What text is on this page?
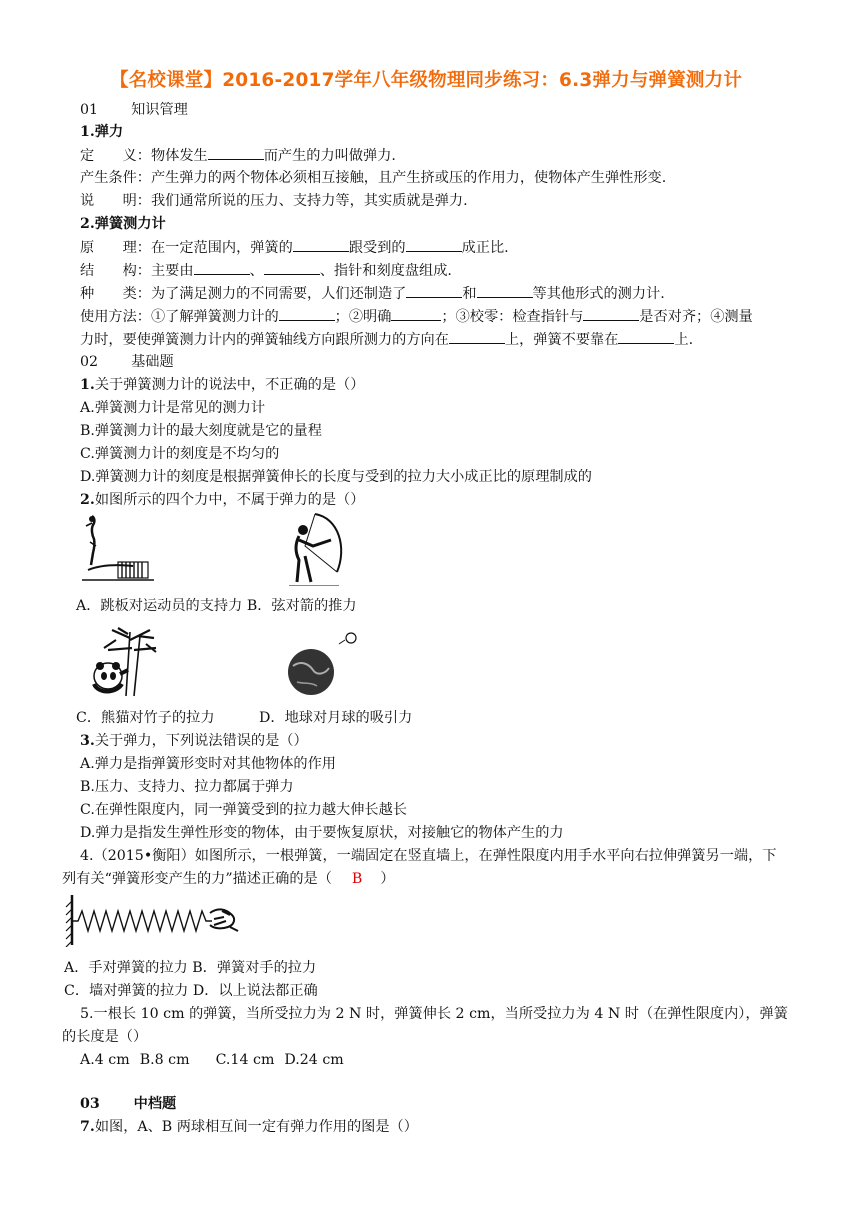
【名校课堂】2016-2017学年八年级物理同步练习：6.3弹力与弹簧测力计
01 知识管理
1.弹力
定　　义：物体发生	而产生的力叫做弹力.
产生条件：产生弹力的两个物体必须相互接触，且产生挤或压的作用力，使物体产生弹性形变.
说　　明：我们通常所说的压力、支持力等，其实质就是弹力.
2.弹簧测力计
原　　理：在一定范围内，弹簧的	跟受到的	成正比.
结　　构：主要由	、	、指针和刻度盘组成.
种　　类：为了满足测力的不同需要，人们还制造了	和	等其他形式的测力计.
使用方法：①了解弹簧测力计的	；②明确	；③校零：检查指针与	是否对齐；④测量
力时，要使弹簧测力计内的弹簧轴线方向跟所测力的方向在	上，弹簧不要靠在	上.
02 基础题
1.关于弹簧测力计的说法中，不正确的是（）
A.弹簧测力计是常见的测力计
B.弹簧测力计的最大刻度就是它的量程
C.弹簧测力计的刻度是不均匀的
D.弹簧测力计的刻度是根据弹簧伸长的长度与受到的拉力大小成正比的原理制成的
2.如图所示的四个力中，不属于弹力的是（）
A．跳板对运动员的支持力 B．弦对箭的推力
C．熊猫对竹子的拉力	D．地球对月球的吸引力
3.关于弹力，下列说法错误的是（）
A.弹力是指弹簧形变时对其他物体的作用
B.压力、支持力、拉力都属于弹力
C.在弹性限度内，同一弹簧受到的拉力越大伸长越长
D.弹力是指发生弹性形变的物体，由于要恢复原状，对接触它的物体产生的力
4.（2015•衡阳）如图所示，一根弹簧，一端固定在竖直墙上，在弹性限度内用手水平向右拉伸弹簧另一端，下
列有关“弹簧形变产生的力”描述正确的是（ B ）
A．手对弹簧的拉力 B．弹簧对手的拉力
C．墙对弹簧的拉力 D．以上说法都正确
5.一根长 10 cm 的弹簧，当所受拉力为 2 N 时，弹簧伸长 2 cm，当所受拉力为 4 N 时（在弹性限度内），弹簧
的长度是（）
A.4 cm B.8 cm C.14 cm D.24 cm
03 中档题
7.如图，A、B 两球相互间一定有弹力作用的图是（）
